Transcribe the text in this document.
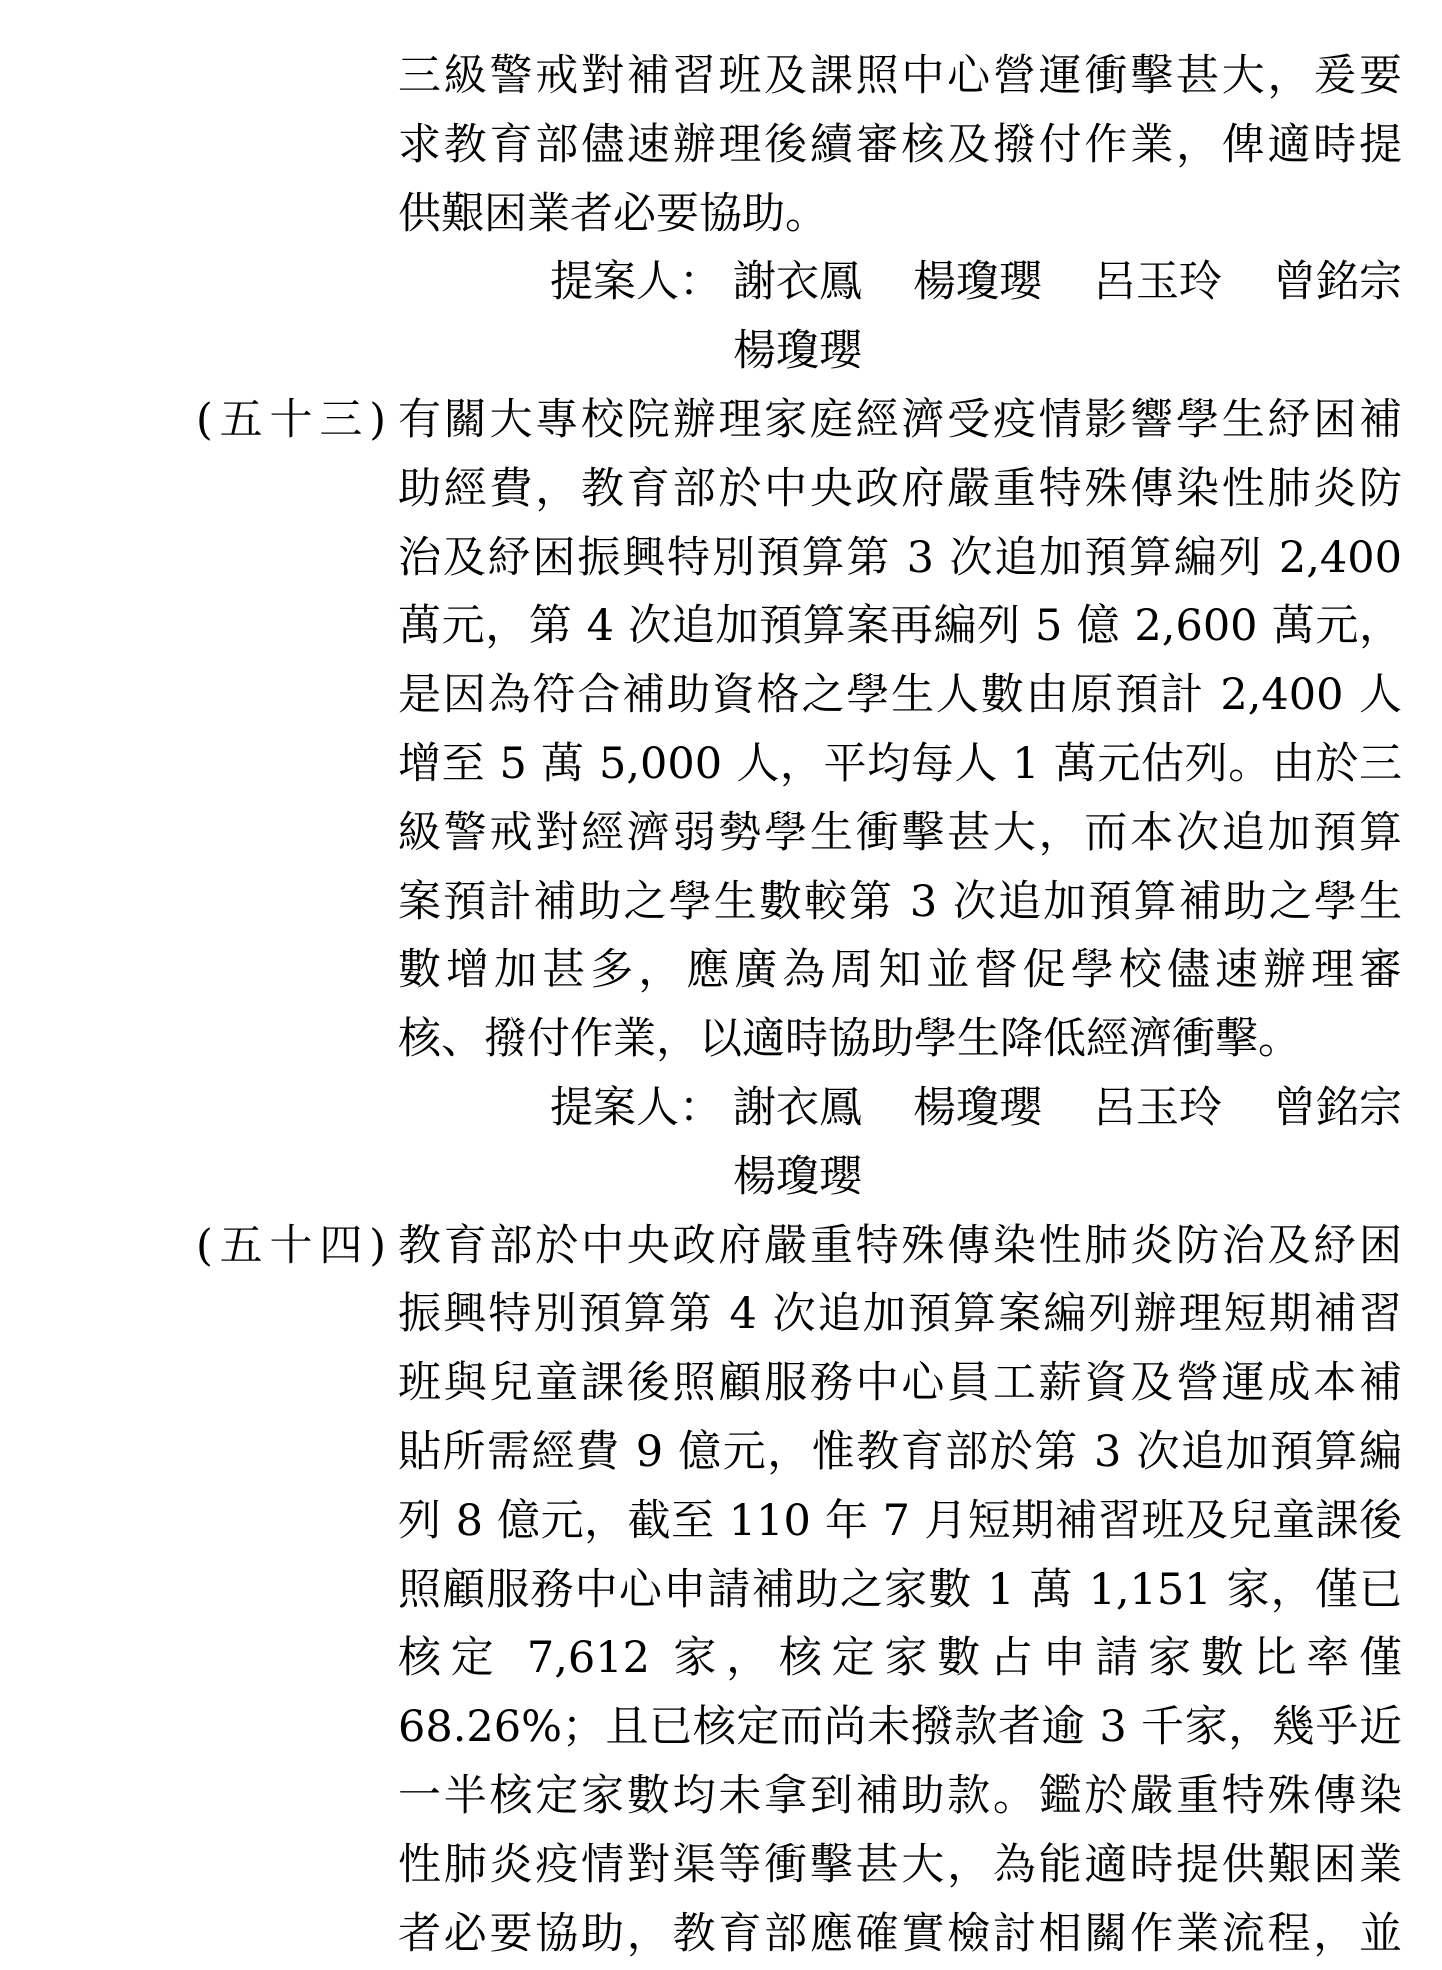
三級警戒對補習班及課照中心營運衝擊甚大，爰要
求教育部儘速辦理後續審核及撥付作業，俾適時提
供艱困業者必要協助。
提案人： 謝衣鳳 楊瓊瓔 呂玉玲 曾銘宗
楊瓊瓔
(五十三) 有關大專校院辦理家庭經濟受疫情影響學生紓困補
助經費，教育部於中央政府嚴重特殊傳染性肺炎防
治及紓困振興特別預算第 3 次追加預算編列 2,400
萬元，第 4 次追加預算案再編列 5 億 2,600 萬元，
是因為符合補助資格之學生人數由原預計 2,400 人
增至 5 萬 5,000 人，平均每人 1 萬元估列。由於三
級警戒對經濟弱勢學生衝擊甚大，而本次追加預算
案預計補助之學生數較第 3 次追加預算補助之學生
數增加甚多，應廣為周知並督促學校儘速辦理審
核、撥付作業，以適時協助學生降低經濟衝擊。
提案人： 謝衣鳳 楊瓊瓔 呂玉玲 曾銘宗
楊瓊瓔
(五十四) 教育部於中央政府嚴重特殊傳染性肺炎防治及紓困
振興特別預算第 4 次追加預算案編列辦理短期補習
班與兒童課後照顧服務中心員工薪資及營運成本補
貼所需經費 9 億元，惟教育部於第 3 次追加預算編
列 8 億元，截至 110 年 7 月短期補習班及兒童課後
照顧服務中心申請補助之家數 1 萬 1,151 家，僅已
核定 7,612 家，核定家數占申請家數比率僅
68.26%；且已核定而尚未撥款者逾 3 千家，幾乎近
一半核定家數均未拿到補助款。鑑於嚴重特殊傳染
性肺炎疫情對渠等衝擊甚大，為能適時提供艱困業
者必要協助，教育部應確實檢討相關作業流程，並
